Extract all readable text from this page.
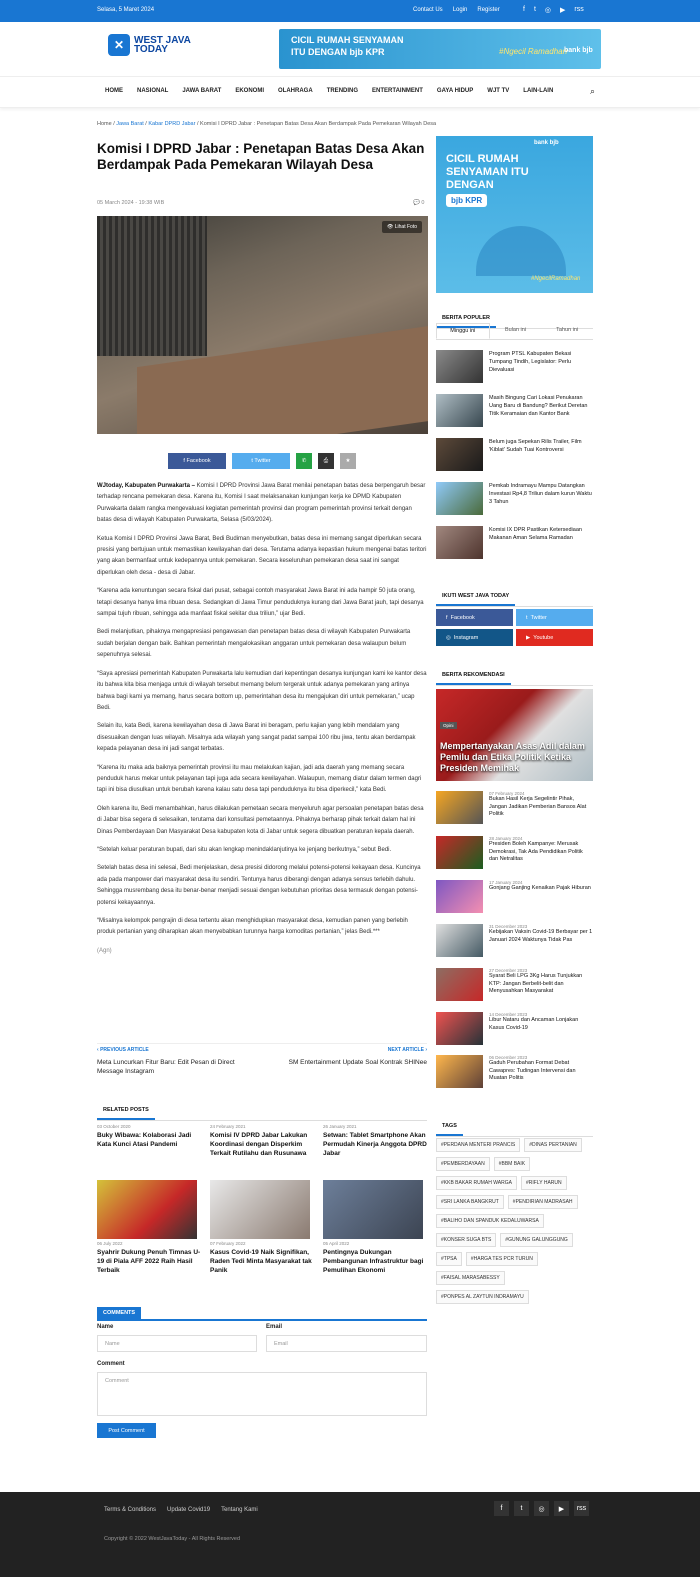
Selasa, 5 Maret 2024	Contact Us Login Register	f t ◎ ▶ rss
✕ WEST JAVA
TODAY
CICIL RUMAH SENYAMAN
ITU DENGAN bjb KPR	#Ngecil Ramadhan
bank bjb
HOME NASIONAL JAWA BARAT EKONOMI OLAHRAGA TRENDING ENTERTAINMENT GAYA HIDUP WJT TV LAIN-LAIN	⌕
Home / Jawa Barat / Kabar DPRD Jabar / Komisi I DPRD Jabar : Penetapan Batas Desa Akan Berdampak Pada Pemekaran Wilayah Desa
Komisi I DPRD Jabar : Penetapan Batas Desa Akan Berdampak Pada Pemekaran Wilayah Desa
05 March 2024 - 19:38 WIB	💬 0
👁 Lihat Foto
f Facebook	t Twitter	✆	⎙	★

WJtoday, Kabupaten Purwakarta – Komisi I DPRD Provinsi Jawa Barat menilai penetapan batas desa berpengaruh besar terhadap rencana pemekaran desa. Karena itu, Komisi I saat melaksanakan kunjungan kerja ke DPMD Kabupaten Purwakarta dalam rangka mengevaluasi kegiatan pemerintah provinsi dan program pemerintah provinsi terkait dengan batas desa di wilayah Kabupaten Purwakarta, Selasa (5/03/2024).

Ketua Komisi I DPRD Provinsi Jawa Barat, Bedi Budiman menyebutkan, batas desa ini memang sangat diperlukan secara presisi yang bertujuan untuk memastikan kewilayahan dari desa. Terutama adanya kepastian hukum mengenai batas teritori yang akan bermanfaat untuk kedepannya untuk pemekaran. Secara keseluruhan pemekaran desa saat ini sangat diperlukan oleh desa - desa di Jabar.

“Karena ada kenuntungan secara fiskal dari pusat, sebagai contoh masyarakat Jawa Barat ini ada hampir 50 juta orang, tetapi desanya hanya lima ribuan desa. Sedangkan di Jawa Timur penduduknya kurang dari Jawa Barat jauh, tapi desanya sampai tujuh ribuan, sehingga ada manfaat fiskal sekitar dua triliun,” ujar Bedi.

Bedi melanjutkan, pihaknya mengapresiasi pengawasan dan penetapan batas desa di wilayah Kabupaten Purwakarta sudah berjalan dengan baik. Bahkan pemerintah mengalokasikan anggaran untuk pemekaran desa walaupun belum sepenuhnya selesai.

“Saya apresiasi pemerintah Kabupaten Purwakarta lalu kemudian dari kepentingan desanya kunjungan kami ke kantor desa itu bahwa kita bisa menjaga untuk di wilayah tersebut memang belum tergerak untuk adanya pemekaran yang artinya bahwa bagi kami ya memang, harus secara bottom up, pemerintahan desa itu mengajukan diri untuk pemekaran,” ucap Bedi.

Selain itu, kata Bedi, karena kewilayahan desa di Jawa Barat ini beragam, perlu kajian yang lebih mendalam yang disesuaikan dengan luas wilayah. Misalnya ada wilayah yang sangat padat sampai 100 ribu jiwa, tentu akan berdampak kepada pelayanan desa ini jadi sangat terbatas.

“Karena itu maka ada baiknya pemerintah provinsi itu mau melakukan kajian, jadi ada daerah yang memang secara penduduk harus mekar untuk pelayanan tapi juga ada secara kewilayahan. Walaupun, memang diatur dalam termen dagri tapi ini bisa diusulkan untuk berubah karena kalau satu desa tapi penduduknya itu bisa diperkecil,” kata Bedi.

Oleh karena itu, Bedi menambahkan, harus dilakukan pemetaan secara menyeluruh agar persoalan penetapan batas desa di Jabar bisa segera di selesaikan, terutama dari konsultasi pemetaannya. Pihaknya berharap pihak terkait dalam hal ini Dinas Pemberdayaan Dan Masyarakat Desa kabupaten kota di Jabar untuk segera dibuatkan peraturan kepala daerah.

“Setelah keluar peraturan bupati, dari situ akan lengkap menindaklanjutinya ke jenjang berikutnya,” sebut Bedi.

Setelah batas desa ini selesai, Bedi menjelaskan, desa presisi didorong melalui potensi-potensi kekayaan desa. Kuncinya ada pada manpower dari masyarakat desa itu sendiri. Tentunya harus diberangi dengan adanya sensus terlebih dahulu. Sehingga musrembang desa itu benar-benar menjadi sesuai dengan kebutuhan prioritas desa termasuk dengan potensi-potensi kekayaannya.

“Misalnya kelompok pengrajin di desa tertentu akan menghidupkan masyarakat desa, kemudian panen yang berlebih produk pertanian yang diharapkan akan menyebabkan turunnya harga komoditas pertanian,” jelas Bedi.***

(Agn)

‹ PREVIOUS ARTICLE
Meta Luncurkan Fitur Baru: Edit Pesan di Direct Message Instagram
NEXT ARTICLE ›
SM Entertainment Update Soal Kontrak SHINee
RELATED POSTS
03 October 2020
Buky Wibawa: Kolaborasi Jadi Kata Kunci Atasi Pandemi
24 February 2021
Komisi IV DPRD Jabar Lakukan Koordinasi dengan Disperkim Terkait Rutilahu dan Rusunawa
26 January 2021
Setwan: Tablet Smartphone Akan Permudah Kinerja Anggota DPRD Jabar
06 July 2022
Syahrir Dukung Penuh Timnas U-19 di Piala AFF 2022 Raih Hasil Terbaik
07 February 2022
Kasus Covid-19 Naik Signifikan, Raden Tedi Minta Masyarakat tak Panik
05 April 2022
Pentingnya Dukungan Pembangunan Infrastruktur bagi Pemulihan Ekonomi
COMMENTS
Name	Email
Name	Email
Comment
Comment
Post Comment
CICIL RUMAH
SENYAMAN ITU
DENGAN
bjb KPR
bank bjb
#NgecilRamadhan
BERITA POPULER
Minggu ini	Bulan ini	Tahun ini
Program PTSL Kabupaten Bekasi Tumpang Tindih, Legislator: Perlu Dievaluasi
Masih Bingung Cari Lokasi Penukaran Uang Baru di Bandung? Berikut Deretan Titik Keramaian dan Kantor Bank
Belum juga Sepekan Rilis Trailer, Film 'Kiblat' Sudah Tuai Kontroversi
Pemkab Indramayu Mampu Datangkan Investasi Rp4,8 Triliun dalam kurun Waktu 3 Tahun
Komisi IX DPR Pastikan Ketersediaan Makanan Aman Selama Ramadan
IKUTI WEST JAVA TODAY
f Facebook	t Twitter
◎ Instagram	▶ Youtube
BERITA REKOMENDASI
Opini
Mempertanyakan Asas Adil dalam Pemilu dan Etika Politik Ketika Presiden Memihak
07 February 2024
Bukan Hasil Kerja Segelintir Pihak, Jangan Jadikan Pemberian Bansos Alat Politik
28 January 2024
Presiden Boleh Kampanye: Merusak Demokrasi, Tak Ada Pendidikan Politik dan Netralitas
17 January 2024
Gonjang Ganjing Kenaikan Pajak Hiburan
31 December 2023
Kebijakan Vaksin Covid-19 Berbayar per 1 Januari 2024 Waktunya Tidak Pas
27 December 2023
Syarat Beli LPG 3Kg Harus Tunjukkan KTP: Jangan Berbelit-belit dan Menyusahkan Masyarakat
14 December 2023
Libur Nataru dan Ancaman Lonjakan Kasus Covid-19
06 December 2023
Gaduh Perubahan Format Debat Cawapres: Tudingan Intervensi dan Muatan Politis
TAGS
#PERDANA MENTERI PRANCIS	#DINAS PERTANIAN
#PEMBERDAYAAN	#BBM BAIK
#KKB BAKAR RUMAH WARGA	#RIFLY HARUN
#SRI LANKA BANGKRUT	#PENDIRIAN MADRASAH
#BALIHO DAN SPANDUK KEDALUWARSA
#KONSER SUGA BTS	#GUNUNG GALUNGGUNG
#TPSA	#HARGA TES PCR TURUN
#FAISAL MARASABESSY
#PONPES AL ZAYTUN INDRAMAYU
Terms & Conditions Update Covid19 Tentang Kami	f	t	◎	▶	rss
Copyright © 2022 WestJavaToday - All Rights Reserved
